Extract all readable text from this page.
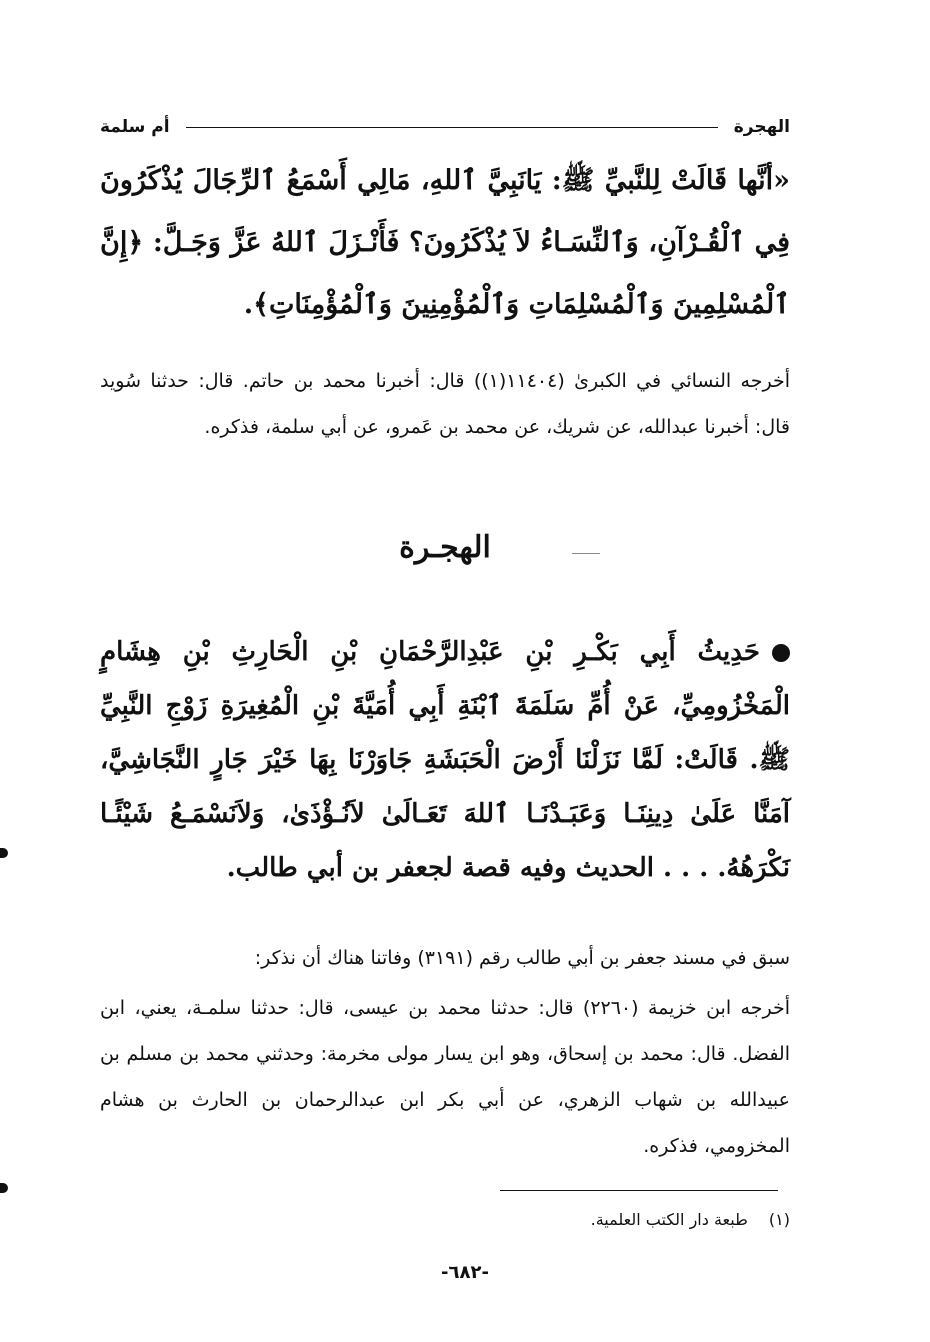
الهجرة
أم سلمة
«أنَّها قَالَتْ لِلنَّبيِّ ﷺ: يَانَبِيَّ ٱللهِ، مَالِي أَسْمَعُ ٱلرِّجَالَ يُذْكَرُونَ فِي ٱلْقُـرْآنِ، وَٱلنِّسَـاءُ لاَ يُذْكَرُونَ؟ فَأَنْـزَلَ ٱللهُ عَزَّ وَجَـلَّ: ﴿إِنَّ ٱلْمُسْلِمِينَ وَٱلْمُسْلِمَاتِ وَٱلْمُؤْمِنِينَ وَٱلْمُؤْمِنَاتِ﴾.
أخرجه النسائي في الكبرىٰ (١١٤٠٤(١)) قال: أخبرنا محمد بن حاتم. قال: حدثنا سُويد قال: أخبرنا عبدالله، عن شريك، عن محمد بن عَمرو، عن أبي سلمة، فذكره.
الهجـرة
حَدِيثُ أَبِي بَكْـرِ بْنِ عَبْدِالرَّحْمَانِ بْنِ الْحَارِثِ بْنِ هِشَامٍ الْمَخْزُومِيِّ، عَنْ أُمِّ سَلَمَةَ ٱبْنَةِ أَبِي أُمَيَّةَ بْنِ الْمُغِيرَةِ زَوْجِ النَّبِيِّ ﷺ. قَالَتْ: لَمَّا نَزَلْنَا أَرْضَ الْحَبَشَةِ جَاوَرْنَا بِهَا خَيْرَ جَارٍ النَّجَاشِيَّ، آمَنَّا عَلَىٰ دِينِنَـا وَعَبَـدْنَـا ٱللهَ تَعَـالَىٰ لاَنُـؤْذَىٰ، وَلاَنَسْمَـعُ شَيْئًـا نَكْرَهُهُ. . . . الحديث وفيه قصة لجعفر بن أبي طالب.
سبق في مسند جعفر بن أبي طالب رقم (٣١٩١) وفاتنا هناك أن نذكر:
أخرجه ابن خزيمة (٢٢٦٠) قال: حدثنا محمد بن عيسى، قال: حدثنا سلمـة، يعني، ابن الفضل. قال: محمد بن إسحاق، وهو ابن يسار مولى مخرمة: وحدثني محمد بن مسلم بن عبيدالله بن شهاب الزهري، عن أبي بكر ابن عبدالرحمان بن الحارث بن هشام المخزومي، فذكره.
(١) طبعة دار الكتب العلمية.
-٦٨٢-
